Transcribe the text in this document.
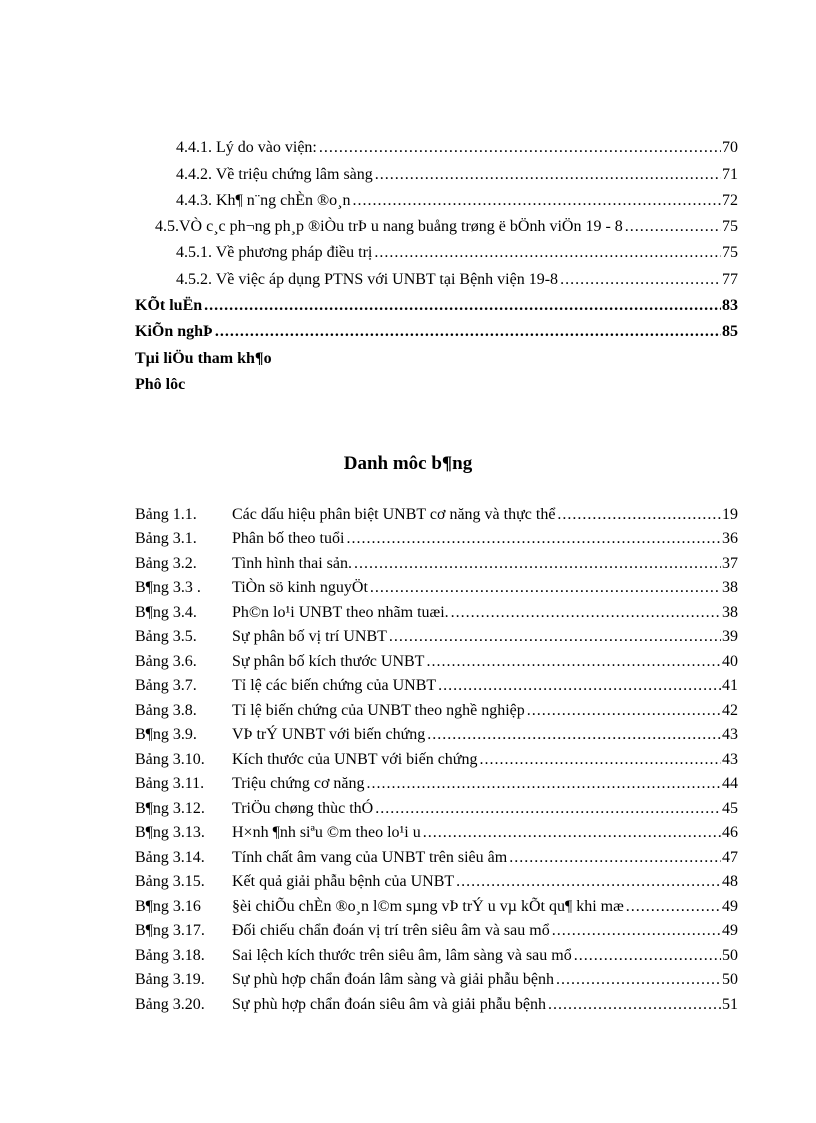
4.4.1. Lý do vào viện: .....	70
4.4.2. Về triệu chứng lâm sàng .....	71
4.4.3. Kh¶ n¨ng chÈn ®o¸n .....	72
4.5.VÒ c¸c ph¬ng ph¸p ®iÒu trÞ u nang buång trøng ë bÖnh viÖn 19 - 8 .....	75
4.5.1. Về phương pháp điều trị .....	75
4.5.2. Về việc áp dụng PTNS với UNBT tại Bệnh viện 19-8 .....	77
KÕt luËn .....	83
KiÕn nghÞ .....	85
Tµi liÖu tham kh¶o
Phô lôc
Danh môc b¶ng
Bảng 1.1.	Các dấu hiệu phân biệt UNBT cơ năng và thực thể .....	19
Bảng 3.1.	Phân bố theo tuổi .....	36
Bảng 3.2.	Tình hình thai sản. .....	37
B¶ng 3.3 .	TiÒn sö kinh nguyÖt .....	38
B¶ng 3.4.	Ph©n lo¹i UNBT theo nhãm tuæi. .....	38
Bảng 3.5.	Sự phân bố vị trí UNBT .....	39
Bảng 3.6.	Sự phân bố kích thước UNBT .....	40
Bảng 3.7.	Tỉ lệ các biến chứng của UNBT .....	41
Bảng 3.8.	Tỉ lệ biến chứng của UNBT theo nghề nghiệp .....	42
B¶ng 3.9.	VÞ trÝ UNBT với biến chứng .....	43
Bảng 3.10.	Kích thước của UNBT với biến chứng .....	43
Bảng 3.11.	Triệu chứng cơ năng .....	44
B¶ng 3.12.	TriÖu chøng thùc thÓ .....	45
B¶ng 3.13.	H×nh ¶nh siªu ©m theo lo¹i u .....	46
Bảng 3.14.	Tính chất âm vang của UNBT trên siêu âm .....	47
Bảng 3.15.	Kết quả giải phẫu bệnh của UNBT .....	48
B¶ng 3.16	§èi chiÕu chÈn ®o¸n l©m sµng vÞ trÝ u vµ kÕt qu¶ khi mæ .....	49
B¶ng 3.17.	Đối chiếu chẩn đoán vị trí trên siêu âm và sau mổ .....	49
Bảng 3.18.	Sai lệch kích thước trên siêu âm, lâm sàng và sau mổ .....	50
Bảng 3.19.	Sự phù hợp chẩn đoán lâm sàng và giải phẫu bệnh .....	50
Bảng 3.20.	Sự phù hợp chẩn đoán siêu âm và giải phẫu bệnh .....	51
